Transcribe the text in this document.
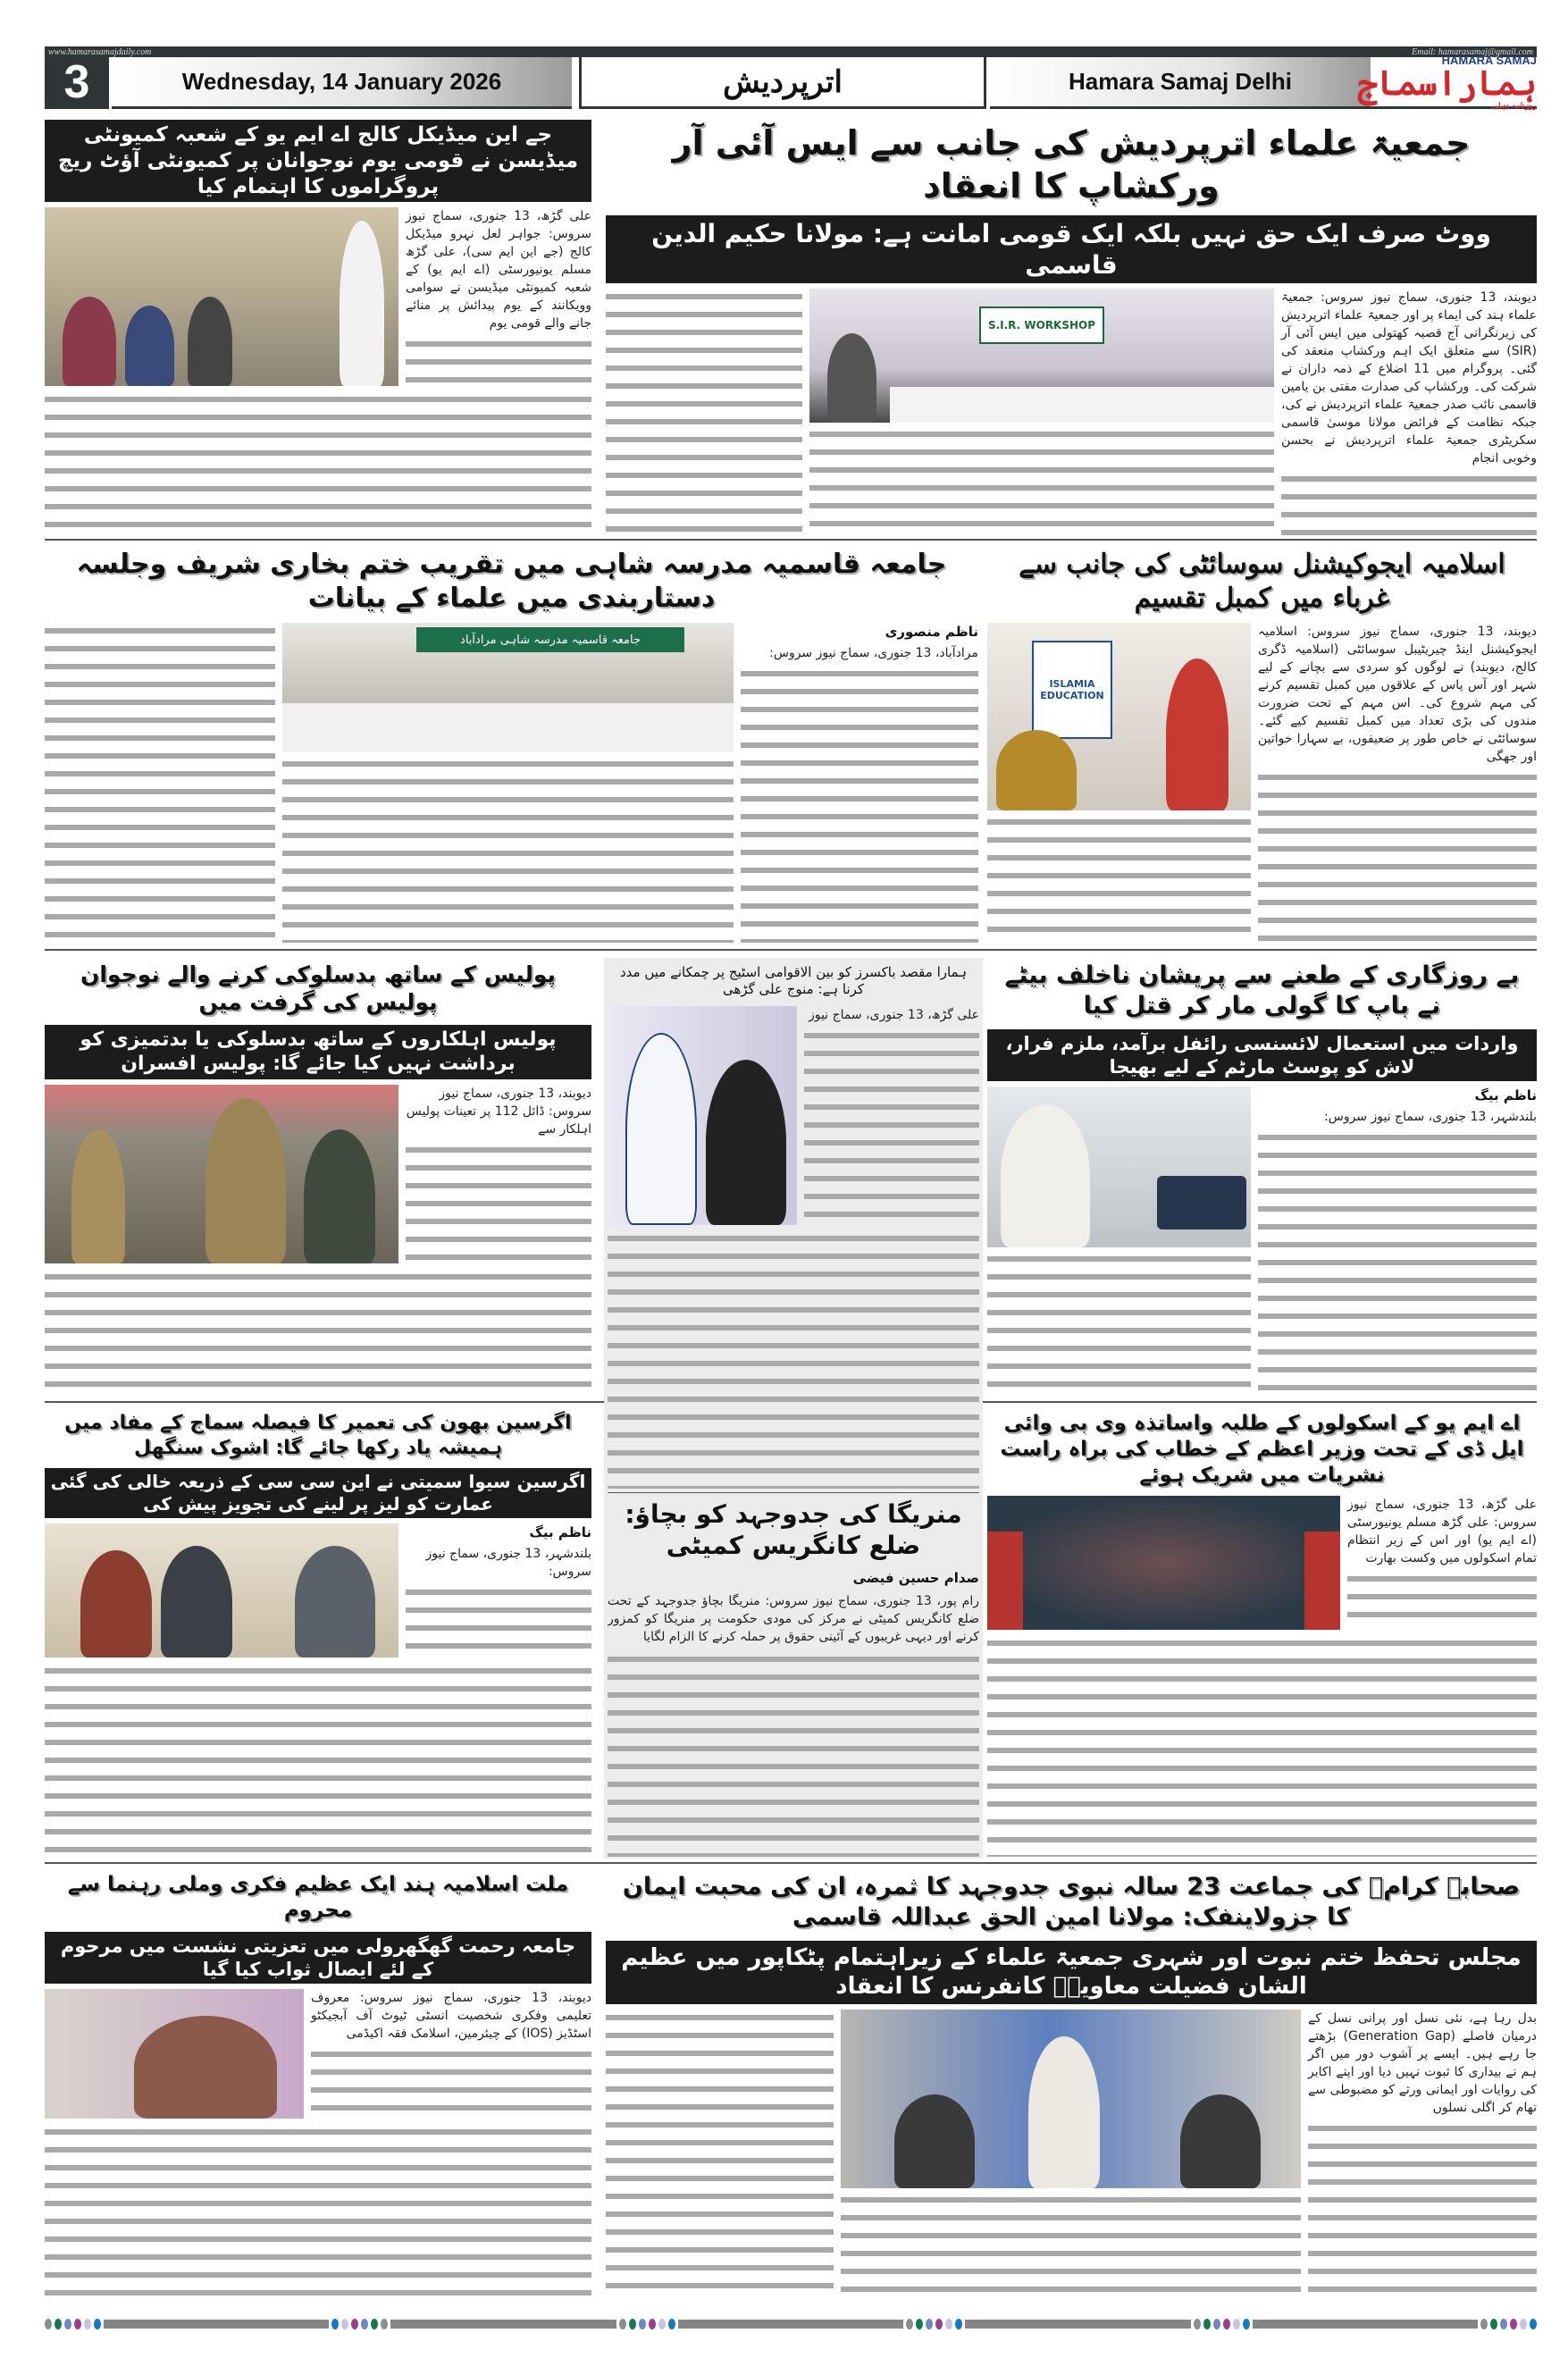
www.hamarasamajdaily.com	Email: hamarasamaj@gmail.com
3	Wednesday, 14 January 2026	اترپردیش	Hamara Samaj Delhi
HAMARA SAMAJ
ہماراسماج
روزنامہ دہلی
جے این میڈیکل کالج اے ایم یو کے شعبہ کمیونٹی میڈیسن نے قومی یوم نوجوانان پر کمیونٹی آؤٹ ریچ پروگراموں کا اہتمام کیا
علی گڑھ، 13 جنوری، سماج نیوز سروس: جواہر لعل نہرو میڈیکل کالج (جے این ایم سی)، علی گڑھ مسلم یونیورسٹی (اے ایم یو) کے شعبہ کمیونٹی میڈیسن نے سوامی وویکانند کے یوم پیدائش پر منائے جانے والے قومی یوم
جمعیۃ علماء اترپردیش کی جانب سے ایس آئی آر ورکشاپ کا انعقاد
ووٹ صرف ایک حق نہیں بلکہ ایک قومی امانت ہے: مولانا حکیم الدین قاسمی
S.I.R. WORKSHOP
دیوبند، 13 جنوری، سماج نیوز سروس: جمعیۃ علماء ہند کی ایماء پر اور جمعیۃ علماء اترپردیش کی زیرنگرانی آج قصبہ کھتولی میں ایس آئی آر (SIR) سے متعلق ایک اہم ورکشاپ منعقد کی گئی۔ پروگرام میں 11 اضلاع کے ذمہ داران نے شرکت کی۔ ورکشاپ کی صدارت مفتی بن یامین قاسمی نائب صدر جمعیۃ علماء اترپردیش نے کی، جبکہ نظامت کے فرائض مولانا موسیٰ قاسمی سکریٹری جمعیۃ علماء اترپردیش نے بحسن وخوبی انجام
اسلامیہ ایجوکیشنل سوسائٹی کی جانب سے غرباء میں کمبل تقسیم
ISLAMIA EDUCATION
دیوبند، 13 جنوری، سماج نیوز سروس: اسلامیہ ایجوکیشنل اینڈ چیریٹیبل سوسائٹی (اسلامیہ ڈگری کالج، دیوبند) نے لوگوں کو سردی سے بچانے کے لیے شہر اور آس پاس کے علاقوں میں کمبل تقسیم کرنے کی مہم شروع کی۔ اس مہم کے تحت ضرورت مندوں کی بڑی تعداد میں کمبل تقسیم کیے گئے۔ سوسائٹی نے خاص طور پر ضعیفوں، بے سہارا خواتین اور جھگی
جامعہ قاسمیہ مدرسہ شاہی میں تقریب ختم بخاری شریف وجلسہ دستاربندی میں علماء کے بیانات
جامعہ قاسمیہ مدرسہ شاہی مرادآباد	ناظم منصوری
مرادآباد، 13 جنوری، سماج نیوز سروس:
پولیس کے ساتھ بدسلوکی کرنے والے نوجوان پولیس کی گرفت میں
پولیس اہلکاروں کے ساتھ بدسلوکی یا بدتمیزی کو برداشت نہیں کیا جائے گا: پولیس افسران
دیوبند، 13 جنوری، سماج نیوز سروس: ڈائل 112 پر تعینات پولیس اہلکار سے
ہمارا مقصد باکسرز کو بین الاقوامی اسٹیج پر چمکانے میں مدد کرنا ہے: منوج علی گڑھی
علی گڑھ، 13 جنوری، سماج نیوز
منریگا کی جدوجہد کو بچاؤ: ضلع کانگریس کمیٹی
صدام حسین فیضی
رام پور، 13 جنوری، سماج نیوز سروس: منریگا بچاؤ جدوجہد کے تحت ضلع کانگریس کمیٹی نے مرکز کی مودی حکومت پر منریگا کو کمزور کرنے اور دیہی غریبوں کے آئینی حقوق پر حملہ کرنے کا الزام لگایا
بے روزگاری کے طعنے سے پریشان ناخلف بیٹے نے باپ کا گولی مار کر قتل کیا
واردات میں استعمال لائسنسی رائفل برآمد، ملزم فرار، لاش کو پوسٹ مارٹم کے لیے بھیجا
ناظم بیگ
بلندشہر، 13 جنوری، سماج نیوز سروس:
اگرسین بھون کی تعمیر کا فیصلہ سماج کے مفاد میں ہمیشہ یاد رکھا جائے گا: اشوک سنگھل
اگرسین سیوا سمیتی نے این سی سی کے ذریعہ خالی کی گئی عمارت کو لیز پر لینے کی تجویز پیش کی
ناظم بیگ
بلندشہر، 13 جنوری، سماج نیوز سروس:
اے ایم یو کے اسکولوں کے طلبہ واساتذہ وی بی وائی ایل ڈی کے تحت وزیر اعظم کے خطاب کی براہ راست نشریات میں شریک ہوئے
علی گڑھ، 13 جنوری، سماج نیوز سروس: علی گڑھ مسلم یونیورسٹی (اے ایم یو) اور اس کے زیر انتظام تمام اسکولوں میں وکست بھارت
ملت اسلامیہ ہند ایک عظیم فکری وملی رہنما سے محروم
جامعہ رحمت گھگھرولی میں تعزیتی نشست میں مرحوم کے لئے ایصال ثواب کیا گیا
دیوبند، 13 جنوری، سماج نیوز سروس: معروف تعلیمی وفکری شخصیت انسٹی ٹیوٹ آف آبجیکٹو اسٹڈیز (IOS) کے چیئرمین، اسلامک فقہ اکیڈمی
صحابہ کرامؓ کی جماعت 23 سالہ نبوی جدوجہد کا ثمرہ، ان کی محبت ایمان کا جزولاینفک: مولانا امین الحق عبداللہ قاسمی
مجلس تحفظ ختم نبوت اور شہری جمعیۃ علماء کے زیراہتمام پٹکاپور میں عظیم الشان فضیلت معاویہؓ کانفرنس کا انعقاد
بدل رہا ہے، نئی نسل اور پرانی نسل کے درمیان فاصلے (Generation Gap) بڑھتے جا رہے ہیں۔ ایسے پر آشوب دور میں اگر ہم نے بیداری کا ثبوت نہیں دیا اور اپنے اکابر کی روایات اور ایمانی ورثے کو مضبوطی سے تھام کر اگلی نسلوں
